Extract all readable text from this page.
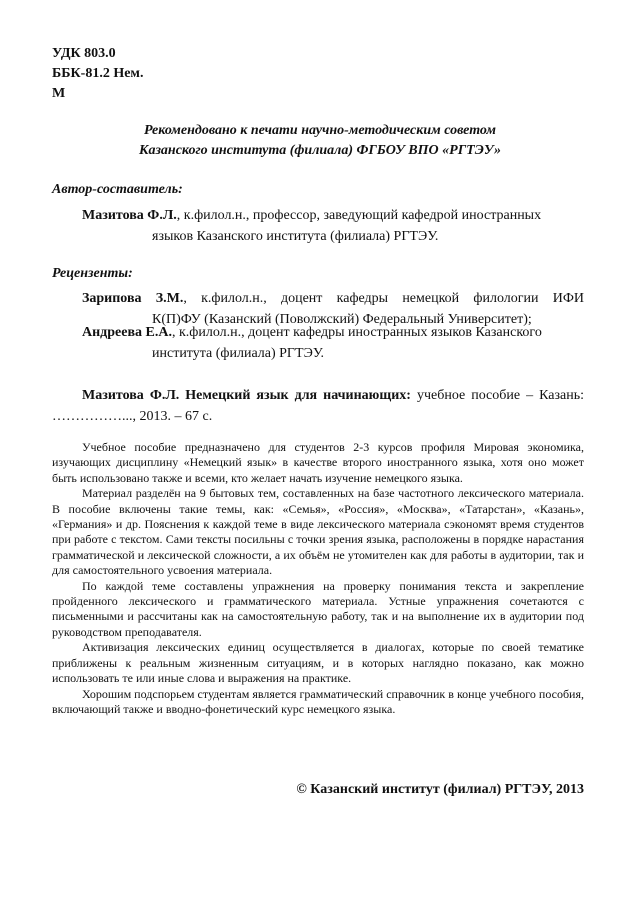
УДК 803.0
ББК-81.2 Нем.
М
Рекомендовано к печати научно-методическим советом
Казанского института (филиала) ФГБОУ ВПО «РГТЭУ»
Автор-составитель:
Мазитова Ф.Л., к.филол.н., профессор, заведующий кафедрой иностранных
языков Казанского института (филиала) РГТЭУ.
Рецензенты:
Зарипова З.М., к.филол.н., доцент кафедры немецкой филологии ИФИ
К(П)ФУ (Казанский (Поволжский) Федеральный Университет);
Андреева Е.А., к.филол.н., доцент кафедры иностранных языков Казанского
института (филиала) РГТЭУ.
Мазитова Ф.Л. Немецкий язык для начинающих: учебное пособие – Казань: ……………..., 2013. – 67 с.

Учебное пособие предназначено для студентов 2-3 курсов профиля Мировая экономика, изучающих дисциплину «Немецкий язык» в качестве второго иностранного языка, хотя оно может быть использовано также и всеми, кто желает начать изучение немецкого языка.

Материал разделён на 9 бытовых тем, составленных на базе частотного лексического материала. В пособие включены такие темы, как: «Семья», «Россия», «Москва», «Татарстан», «Казань», «Германия» и др. Пояснения к каждой теме в виде лексического материала сэкономят время студентов при работе с текстом. Сами тексты посильны с точки зрения языка, расположены в порядке нарастания грамматической и лексической сложности, а их объём не утомителен как для работы в аудитории, так и для самостоятельного усвоения материала.

По каждой теме составлены упражнения на проверку понимания текста и закрепление пройденного лексического и грамматического материала. Устные упражнения сочетаются с письменными и рассчитаны как на самостоятельную работу, так и на выполнение их в аудитории под руководством преподавателя.

Активизация лексических единиц осуществляется в диалогах, которые по своей тематике приближены к реальным жизненным ситуациям, и в которых наглядно показано, как можно использовать те или иные слова и выражения на практике.

Хорошим подспорьем студентам является грамматический справочник в конце учебного пособия, включающий также и вводно-фонетический курс немецкого языка.

© Казанский институт (филиал) РГТЭУ, 2013
